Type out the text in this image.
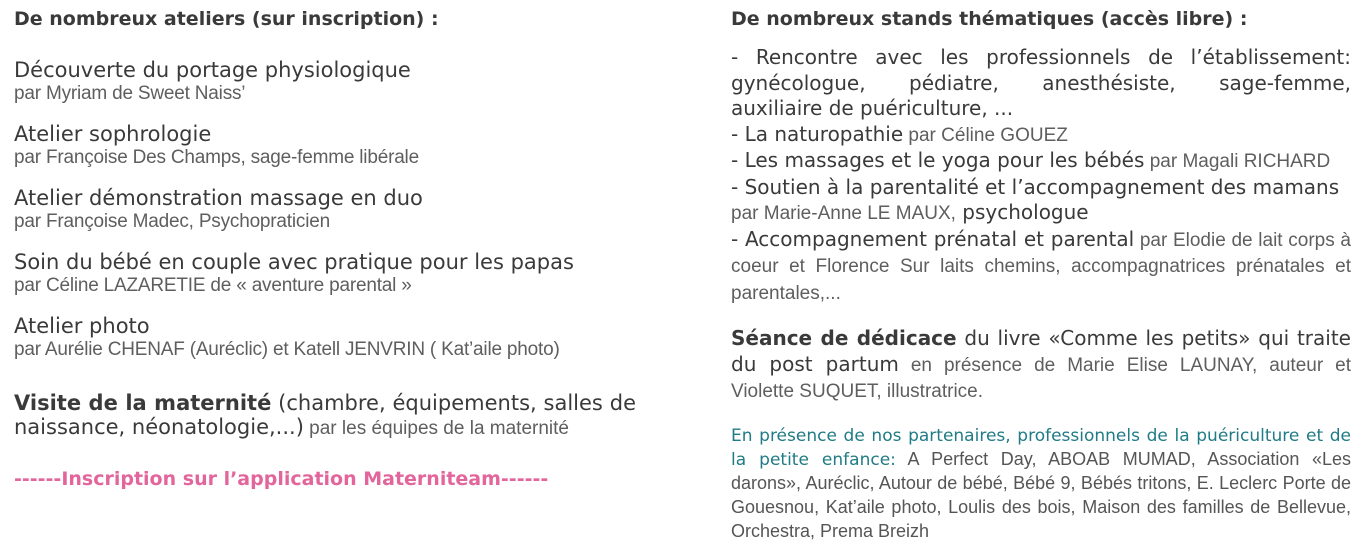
De nombreux ateliers (sur inscription) :
Découverte du portage physiologique
par Myriam de Sweet Naiss’
Atelier sophrologie
par Françoise Des Champs, sage-femme libérale
Atelier démonstration massage en duo
par Françoise Madec, Psychopraticien
Soin du bébé en couple avec pratique pour les papas
par Céline LAZARETIE de « aventure parental »
Atelier photo
par Aurélie CHENAF (Auréclic) et Katell JENVRIN ( Kat’aile photo)
Visite de la maternité (chambre, équipements, salles de naissance, néonatologie,...) par les équipes de la maternité
------Inscription sur l’application Materniteam------
De nombreux stands thématiques (accès libre) :
- Rencontre avec les professionnels de l’établissement:
gynécologue, pédiatre, anesthésiste, sage-femme,
auxiliaire de puériculture, ...
- La naturopathie par Céline GOUEZ
- Les massages et le yoga pour les bébés par Magali RICHARD
- Soutien à la parentalité et l’accompagnement des mamans
par Marie-Anne LE MAUX, psychologue
- Accompagnement prénatal et parental par Elodie de lait corps à coeur et Florence Sur laits chemins, accompagnatrices prénatales et parentales,...
Séance de dédicace du livre «Comme les petits» qui traite du post partum en présence de Marie Elise LAUNAY, auteur et Violette SUQUET, illustratrice.
En présence de nos partenaires, professionnels de la puériculture et de la petite enfance: A Perfect Day, ABOAB MUMAD, Association «Les darons», Auréclic, Autour de bébé, Bébé 9, Bébés tritons, E. Leclerc Porte de Gouesnou, Kat’aile photo, Loulis des bois, Maison des familles de Bellevue, Orchestra, Prema Breizh
